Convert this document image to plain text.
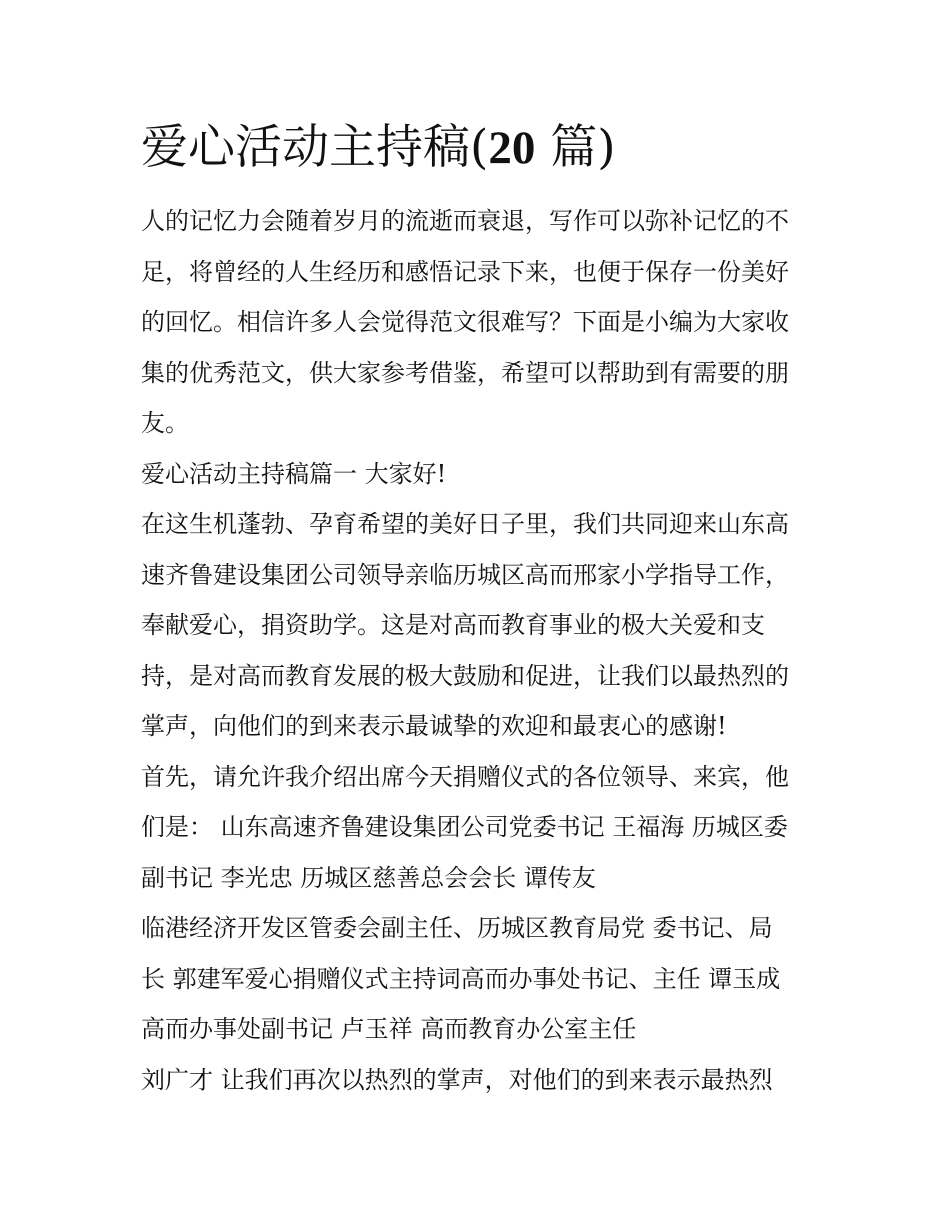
爱心活动主持稿(20 篇)
人的记忆力会随着岁月的流逝而衰退，写作可以弥补记忆的不
足，将曾经的人生经历和感悟记录下来，也便于保存一份美好
的回忆。相信许多人会觉得范文很难写？下面是小编为大家收
集的优秀范文，供大家参考借鉴，希望可以帮助到有需要的朋
友。
爱心活动主持稿篇一 大家好!
在这生机蓬勃、孕育希望的美好日子里，我们共同迎来山东高
速齐鲁建设集团公司领导亲临历城区高而邢家小学指导工作，
奉献爱心，捐资助学。这是对高而教育事业的极大关爱和支
持，是对高而教育发展的极大鼓励和促进，让我们以最热烈的
掌声，向他们的到来表示最诚挚的欢迎和最衷心的感谢!
首先，请允许我介绍出席今天捐赠仪式的各位领导、来宾，他
们是： 山东高速齐鲁建设集团公司党委书记 王福海 历城区委
副书记 李光忠 历城区慈善总会会长 谭传友
临港经济开发区管委会副主任、历城区教育局党 委书记、局
长 郭建军爱心捐赠仪式主持词高而办事处书记、主任 谭玉成
高而办事处副书记 卢玉祥 高而教育办公室主任
刘广才 让我们再次以热烈的掌声，对他们的到来表示最热烈
